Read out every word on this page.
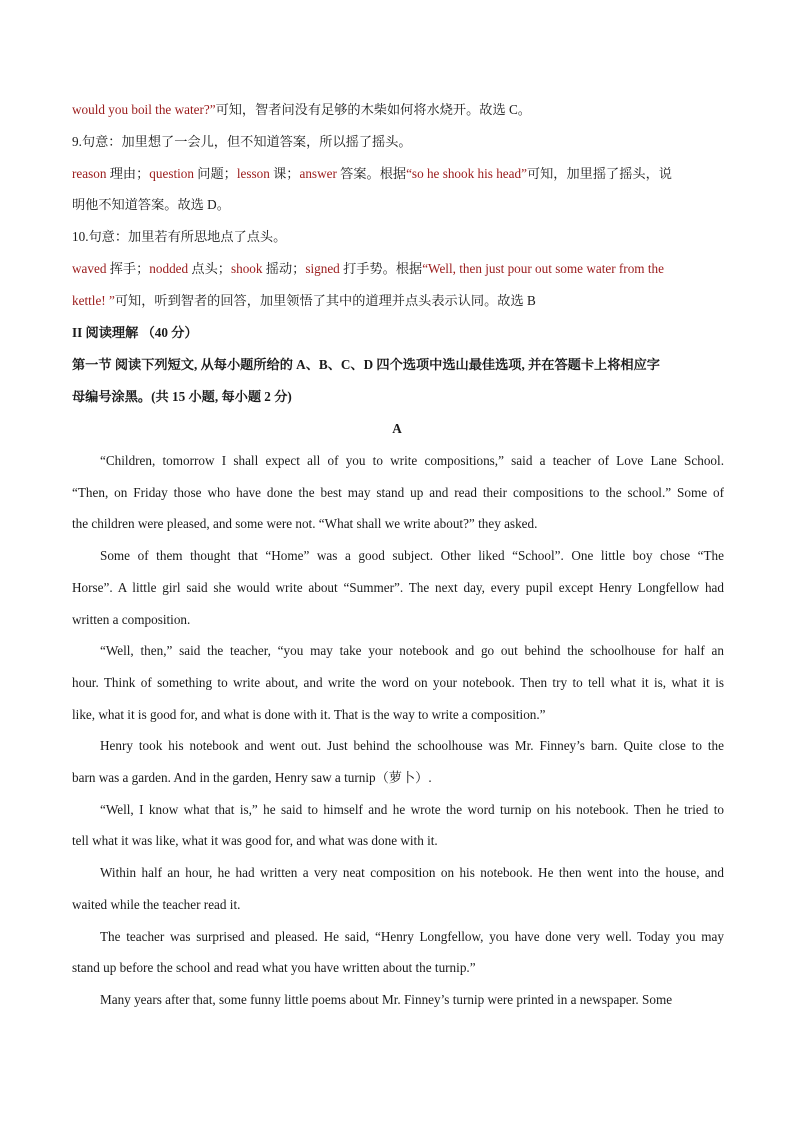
would you boil the water?”可知，智者问没有足够的木柴如何将水烧开。故选 C。
9.句意：加里想了一会儿，但不知道答案，所以摇了摇头。
reason 理由；question 问题；lesson 课；answer 答案。根据“so he shook his head”可知，加里摇了摇头，说
明他不知道答案。故选 D。
10.句意：加里若有所思地点了点头。
waved 挥手；nodded 点头；shook 摇动；signed 打手势。根据“Well, then just pour out some water from the
kettle! ”可知，听到智者的回答，加里领悟了其中的道理并点头表示认同。故选 B
II 阅读理解 （40 分）
第一节 阅读下列短文, 从每小题所给的 A、B、C、D 四个选项中选山最佳选项, 并在答题卡上将相应字
母编号涂黑。(共 15 小题, 每小题 2 分)
A
“Children, tomorrow I shall expect all of you to write compositions,” said a teacher of Love Lane School.
“Then, on Friday those who have done the best may stand up and read their compositions to the school.” Some of
the children were pleased, and some were not. “What shall we write about?” they asked.
Some of them thought that “Home” was a good subject. Other liked “School”. One little boy chose “The
Horse”. A little girl said she would write about “Summer”. The next day, every pupil except Henry Longfellow had
written a composition.
“Well, then,” said the teacher, “you may take your notebook and go out behind the schoolhouse for half an
hour. Think of something to write about, and write the word on your notebook. Then try to tell what it is, what it is
like, what it is good for, and what is done with it. That is the way to write a composition.”
Henry took his notebook and went out. Just behind the schoolhouse was Mr. Finney’s barn. Quite close to the
barn was a garden. And in the garden, Henry saw a turnip（萝卜）.
“Well, I know what that is,” he said to himself and he wrote the word turnip on his notebook. Then he tried to
tell what it was like, what it was good for, and what was done with it.
Within half an hour, he had written a very neat composition on his notebook. He then went into the house, and
waited while the teacher read it.
The teacher was surprised and pleased. He said, “Henry Longfellow, you have done very well. Today you may
stand up before the school and read what you have written about the turnip.”
Many years after that, some funny little poems about Mr. Finney’s turnip were printed in a newspaper. Some
